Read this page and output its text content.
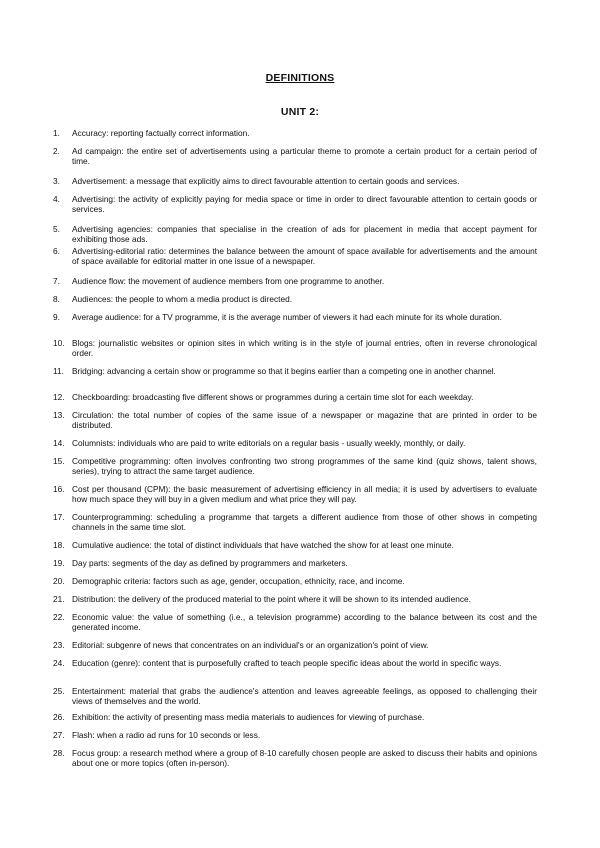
DEFINITIONS
UNIT 2:
1.	Accuracy: reporting factually correct information.
2.	Ad campaign: the entire set of advertisements using a particular theme to promote a certain product for a certain period of time.
3.	Advertisement: a message that explicitly aims to direct favourable attention to certain goods and services.
4.	Advertising: the activity of explicitly paying for media space or time in order to direct favourable attention to certain goods or services.
5.	Advertising agencies: companies that specialise in the creation of ads for placement in media that accept payment for exhibiting those ads.
6.	Advertising-editorial ratio: determines the balance between the amount of space available for advertisements and the amount of space available for editorial matter in one issue of a newspaper.
7.	Audience flow: the movement of audience members from one programme to another.
8.	Audiences: the people to whom a media product is directed.
9.	Average audience: for a TV programme, it is the average number of viewers it had each minute for its whole duration.
10. Blogs: journalistic websites or opinion sites in which writing is in the style of journal entries, often in reverse chronological order.
11. Bridging: advancing a certain show or programme so that it begins earlier than a competing one in another channel.
12. Checkboarding: broadcasting five different shows or programmes during a certain time slot for each weekday.
13. Circulation: the total number of copies of the same issue of a newspaper or magazine that are printed in order to be distributed.
14. Columnists: individuals who are paid to write editorials on a regular basis - usually weekly, monthly, or daily.
15. Competitive programming: often involves confronting two strong programmes of the same kind (quiz shows, talent shows, series), trying to attract the same target audience.
16. Cost per thousand (CPM): the basic measurement of advertising efficiency in all media; it is used by advertisers to evaluate how much space they will buy in a given medium and what price they will pay.
17. Counterprogramming: scheduling a programme that targets a different audience from those of other shows in competing channels in the same time slot.
18. Cumulative audience: the total of distinct individuals that have watched the show for at least one minute.
19. Day parts: segments of the day as defined by programmers and marketers.
20. Demographic criteria: factors such as age, gender, occupation, ethnicity, race, and income.
21. Distribution: the delivery of the produced material to the point where it will be shown to its intended audience.
22. Economic value: the value of something (i.e., a television programme) according to the balance between its cost and the generated income.
23. Editorial: subgenre of news that concentrates on an individual's or an organization's point of view.
24. Education (genre): content that is purposefully crafted to teach people specific ideas about the world in specific ways.
25. Entertainment: material that grabs the audience's attention and leaves agreeable feelings, as opposed to challenging their views of themselves and the world.
26. Exhibition: the activity of presenting mass media materials to audiences for viewing of purchase.
27. Flash: when a radio ad runs for 10 seconds or less.
28. Focus group: a research method where a group of 8-10 carefully chosen people are asked to discuss their habits and opinions about one or more topics (often in-person).
